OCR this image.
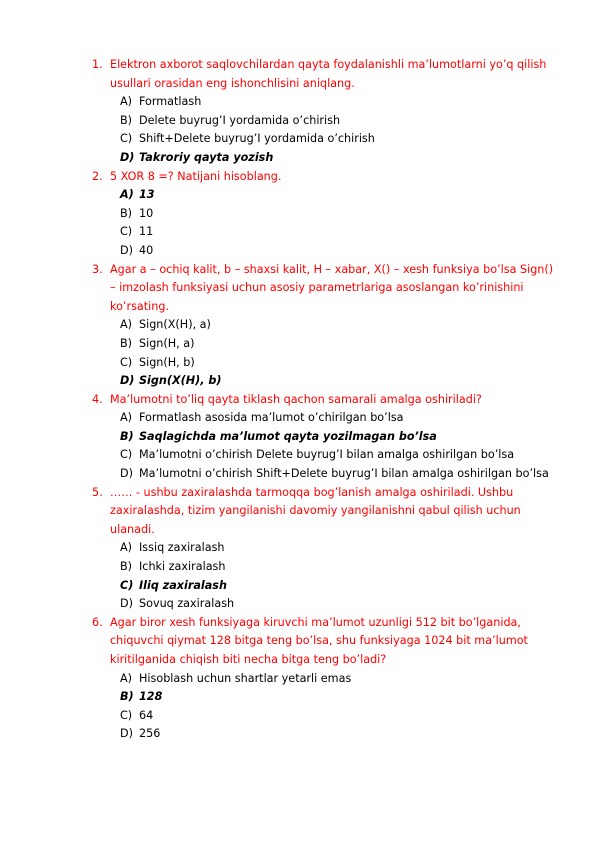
1. Elektron axborot saqlovchilardan qayta foydalanishli ma’lumotlarni yo’q qilish usullari orasidan eng ishonchlisini aniqlang.
A) Formatlash
B) Delete buyrug’I yordamida o’chirish
C) Shift+Delete buyrug’I yordamida o’chirish
D) Takroriy qayta yozish
2. 5 XOR 8 =? Natijani hisoblang.
A) 13
B) 10
C) 11
D) 40
3. Agar a – ochiq kalit, b – shaxsi kalit, H – xabar, X() – xesh funksiya bo’lsa Sign() – imzolash funksiyasi uchun asosiy parametrlariga asoslangan ko’rinishini ko’rsating.
A) Sign(X(H), a)
B) Sign(H, a)
C) Sign(H, b)
D) Sign(X(H), b)
4. Ma’lumotni to’liq qayta tiklash qachon samarali amalga oshiriladi?
A) Formatlash asosida ma’lumot o’chirilgan bo’lsa
B) Saqlagichda ma’lumot qayta yozilmagan bo’lsa
C) Ma’lumotni o’chirish Delete buyrug’I bilan amalga oshirilgan bo’lsa
D) Ma’lumotni o’chirish Shift+Delete buyrug’I bilan amalga oshirilgan bo’lsa
5. …… - ushbu zaxiralashda tarmoqqa bog’lanish amalga oshiriladi. Ushbu zaxiralashda, tizim yangilanishi davomiy yangilanishni qabul qilish uchun ulanadi.
A) Issiq zaxiralash
B) Ichki zaxiralash
C) Iliq zaxiralash
D) Sovuq zaxiralash
6. Agar biror xesh funksiyaga kiruvchi ma’lumot uzunligi 512 bit bo’lganida, chiquvchi qiymat 128 bitga teng bo’lsa, shu funksiyaga 1024 bit ma’lumot kiritilganida chiqish biti necha bitga teng bo’ladi?
A) Hisoblash uchun shartlar yetarli emas
B) 128
C) 64
D) 256
